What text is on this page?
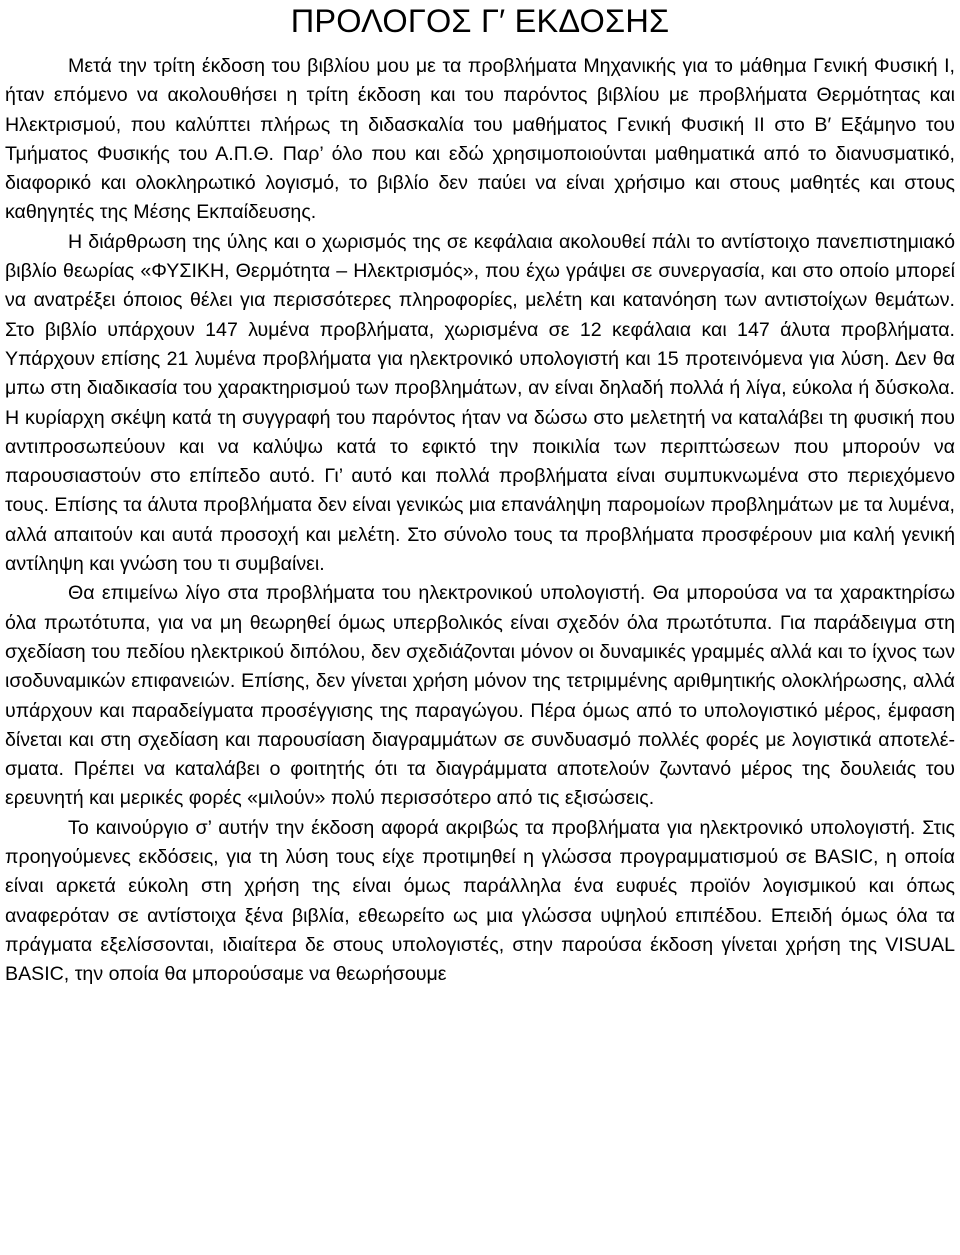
ΠΡΟΛΟΓΟΣ Γ′ ΕΚΔΟΣΗΣ

Μετά την τρίτη έκδοση του βιβλίου μου με τα προβλήματα Μηχανικής για το μάθημα Γενική Φυσική Ι, ήταν επόμενο να ακολουθήσει η τρίτη έκδοση και του παρόντος βιβλίου με προβλήματα Θερμότητας και Ηλεκτρισμού, που καλύπτει πλήρως τη διδασκαλία του μαθήματος Γενική Φυσική ΙΙ στο Β′ Εξάμηνο του Τμήματος Φυσικής του Α.Π.Θ. Παρ’ όλο που και εδώ χρησιμοποιούνται μαθηματικά από το διανυσματικό, διαφορικό και ολοκληρωτικό λογισμό, το βιβλίο δεν παύει να είναι χρήσιμο και στους μαθητές και στους καθηγητές της Μέσης Εκπαίδευσης.

Η διάρθρωση της ύλης και ο χωρισμός της σε κεφάλαια ακολουθεί πάλι το αντίστοιχο πανεπιστημιακό βιβλίο θεωρίας «ΦΥΣΙΚΗ, Θερμότητα – Ηλεκτρισμός», που έχω γράψει σε συνεργασία, και στο οποίο μπορεί να ανατρέξει όποιος θέλει για περισσότερες πληροφορίες, μελέτη και κατανόηση των αντιστοίχων θεμάτων. Στο βιβλίο υπάρχουν 147 λυμένα προβλήματα, χωρισμένα σε 12 κεφάλαια και 147 άλυτα προβλήματα. Υπάρχουν επίσης 21 λυμένα προβλήματα για ηλεκτρονικό υπολογιστή και 15 προτεινόμενα για λύση. Δεν θα μπω στη διαδικασία του χαρακτηρισμού των προβλημάτων, αν είναι δηλαδή πολλά ή λίγα, εύκολα ή δύσκολα. Η κυρίαρχη σκέψη κατά τη συγγραφή του παρόντος ήταν να δώσω στο μελετητή να καταλάβει τη φυσική που αντιπροσωπεύουν και να καλύψω κατά το εφικτό την ποικιλία των περιπτώσεων που μπορούν να παρουσιαστούν στο επίπεδο αυτό. Γι’ αυτό και πολλά προβλήματα είναι συμπυκνωμένα στο περιεχόμενο τους. Επίσης τα άλυτα προβλήματα δεν είναι γενικώς μια επανάληψη παρομοίων προβλημάτων με τα λυμένα, αλλά απαιτούν και αυτά προσοχή και μελέτη. Στο σύνολο τους τα προβλήματα προσφέρουν μια καλή γενική αντίληψη και γνώση του τι συμβαίνει.

Θα επιμείνω λίγο στα προβλήματα του ηλεκτρονικού υπολογιστή. Θα μπορούσα να τα χαρακτηρίσω όλα πρωτότυπα, για να μη θεωρηθεί όμως υπερβολικός είναι σχεδόν όλα πρωτότυπα. Για παράδειγμα στη σχεδίαση του πεδίου ηλεκτρικού διπόλου, δεν σχεδιάζονται μόνον οι δυναμικές γραμμές αλλά και το ίχνος των ισοδυναμικών επιφανειών. Επίσης, δεν γίνεται χρήση μόνον της τετριμμένης αριθμητικής ολοκλήρωσης, αλλά υπάρχουν και παραδείγματα προσέγγισης της παραγώγου. Πέρα όμως από το υπολογιστικό μέρος, έμφαση δίνεται και στη σχεδίαση και παρουσίαση διαγραμμάτων σε συνδυασμό πολλές φορές με λογιστικά αποτελέσματα. Πρέπει να καταλάβει ο φοιτητής ότι τα διαγράμματα αποτελούν ζωντανό μέρος της δουλειάς του ερευνητή και μερικές φορές «μιλούν» πολύ περισσότερο από τις εξισώσεις.

Το καινούργιο σ’ αυτήν την έκδοση αφορά ακριβώς τα προβλήματα για ηλεκτρονικό υπολογιστή. Στις προηγούμενες εκδόσεις, για τη λύση τους είχε προτιμηθεί η γλώσσα προγραμματισμού σε BASIC, η οποία είναι αρκετά εύκολη στη χρήση της είναι όμως παράλληλα ένα ευφυές προϊόν λογισμικού και όπως αναφερόταν σε αντίστοιχα ξένα βιβλία, εθεωρείτο ως μια γλώσσα υψηλού επιπέδου. Επειδή όμως όλα τα πράγματα εξελίσσονται, ιδιαίτερα δε στους υπολογιστές, στην παρούσα έκδοση γίνεται χρήση της VISUAL BASIC, την οποία θα μπορούσαμε να θεωρήσουμε
